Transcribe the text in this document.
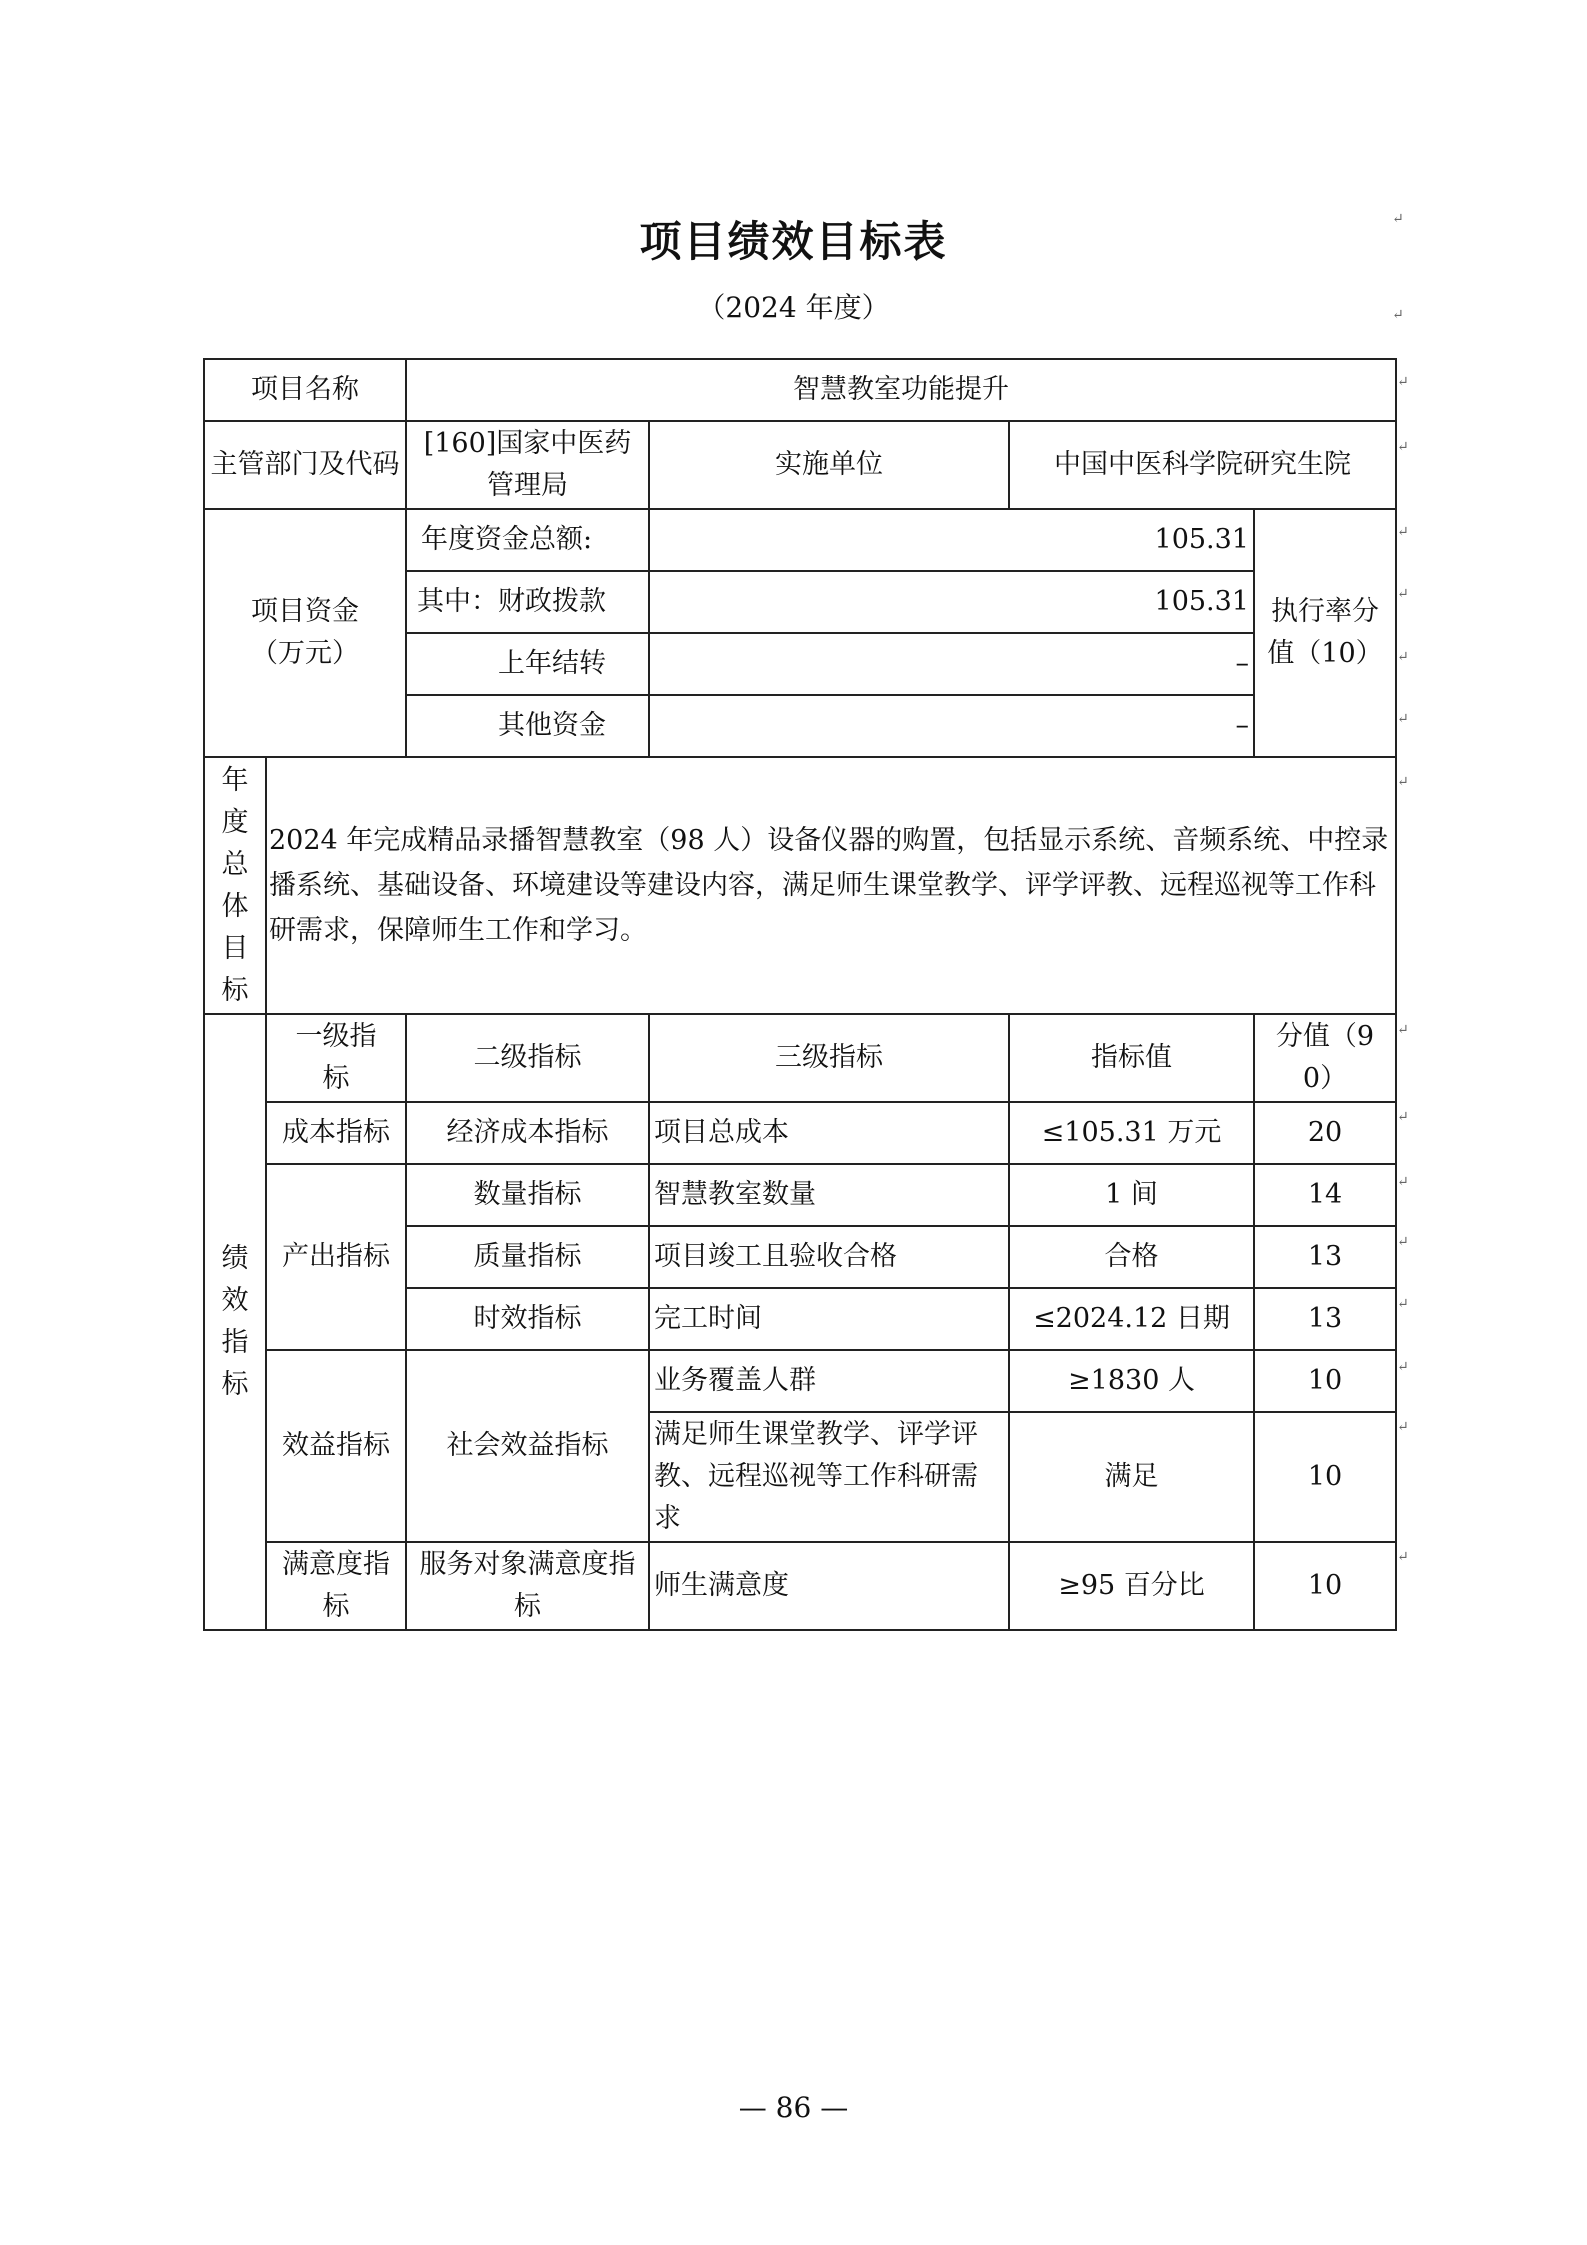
项目绩效目标表
（2024 年度）
↵
↵
项目名称		智慧教室功能提升			
主管部门及代码		[160]国家中医药管理局	实施单位	中国中医科学院研究生院	
项目资金（万元）		年度资金总额:	105.31		执行率分值（10）
		其中：财政拨款	105.31		
		上年结转	–		
		其他资金	–		

年度总体目标	2024 年完成精品录播智慧教室（98 人）设备仪器的购置，包括显示系统、音频系统、中控录播系统、基础设备、环境建设等建设内容，满足师生课堂教学、评学评教、远程巡视等工作科研需求，保障师生工作和学习。				

绩效指标	一级指标	二级指标	三级指标	指标值	分值（90）
	成本指标	经济成本指标	项目总成本	≤105.31 万元	20
	产出指标	数量指标	智慧教室数量	1 间	14
		质量指标	项目竣工且验收合格	合格	13
		时效指标	完工时间	≤2024.12 日期	13
	效益指标	社会效益指标	业务覆盖人群	≥1830 人	10
			满足师生课堂教学、评学评教、远程巡视等工作科研需求	满足	10
	满意度指标	服务对象满意度指标	师生满意度	≥95 百分比	10
↵
↵
↵
↵
↵
↵
↵
↵
↵
↵
↵
↵
↵
↵
↵
— 86 —
